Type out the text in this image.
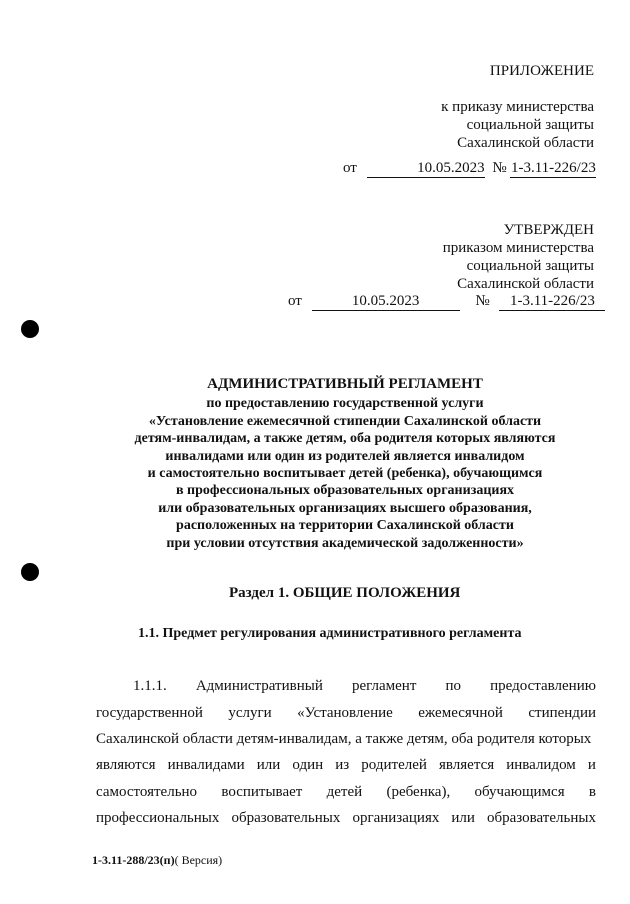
ПРИЛОЖЕНИЕ
к приказу министерства
социальной защиты
Сахалинской области
от	10.05.2023 № 1-3.11-226/23
УТВЕРЖДЕН
приказом министерства
социальной защиты
Сахалинской области
от	10.05.2023	№ 1-3.11-226/23
АДМИНИСТРАТИВНЫЙ РЕГЛАМЕНТ
по предоставлению государственной услуги
«Установление ежемесячной стипендии Сахалинской области
детям-инвалидам, а также детям, оба родителя которых являются
инвалидами или один из родителей является инвалидом
и самостоятельно воспитывает детей (ребенка), обучающимся
в профессиональных образовательных организациях
или образовательных организациях высшего образования,
расположенных на территории Сахалинской области
при условии отсутствия академической задолженности»
Раздел 1. ОБЩИЕ ПОЛОЖЕНИЯ
1.1. Предмет регулирования административного регламента
1.1.1. Административный регламент по предоставлению
государственной услуги «Установление ежемесячной стипендии
Сахалинской области детям-инвалидам, а также детям, оба родителя которых
являются инвалидами или один из родителей является инвалидом и
самостоятельно воспитывает детей (ребенка), обучающимся в
профессиональных образовательных организациях или образовательных
1-3.11-288/23(п)( Версия)
